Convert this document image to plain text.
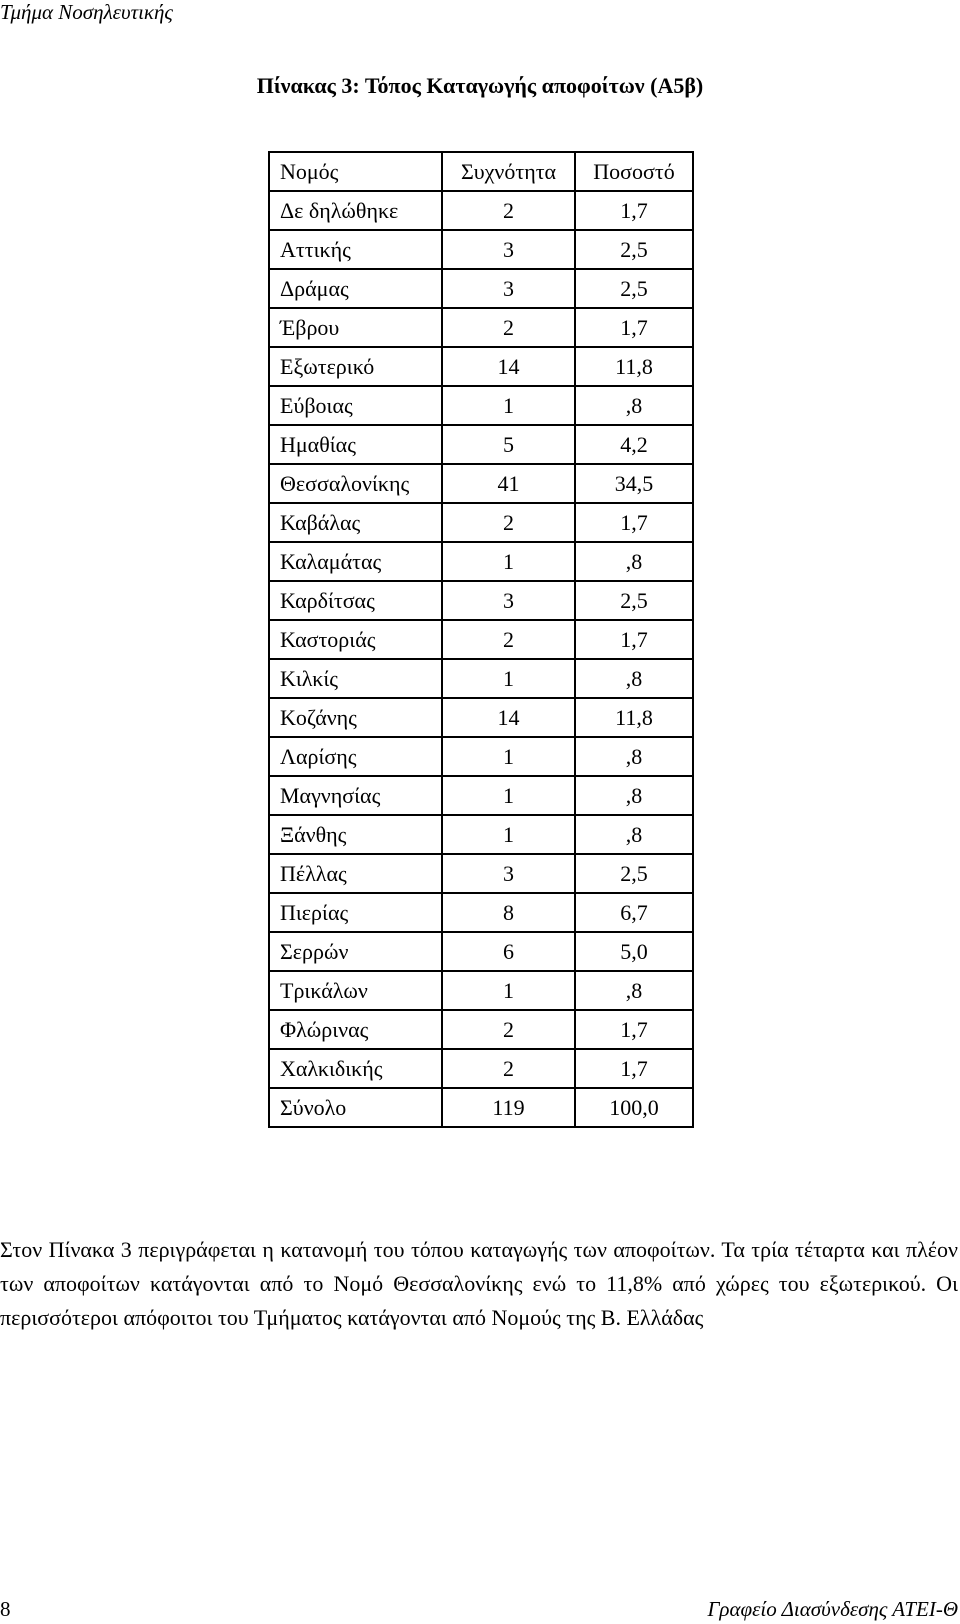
Τμήμα Νοσηλευτικής
Πίνακας 3: Τόπος Καταγωγής αποφοίτων (Α5β)
Νομός	Συχνότητα	Ποσοστό
Δε δηλώθηκε	2	1,7
Αττικής	3	2,5
Δράμας	3	2,5
Έβρου	2	1,7
Εξωτερικό	14	11,8
Εύβοιας	1	,8
Ημαθίας	5	4,2
Θεσσαλονίκης	41	34,5
Καβάλας	2	1,7
Καλαμάτας	1	,8
Καρδίτσας	3	2,5
Καστοριάς	2	1,7
Κιλκίς	1	,8
Κοζάνης	14	11,8
Λαρίσης	1	,8
Μαγνησίας	1	,8
Ξάνθης	1	,8
Πέλλας	3	2,5
Πιερίας	8	6,7
Σερρών	6	5,0
Τρικάλων	1	,8
Φλώρινας	2	1,7
Χαλκιδικής	2	1,7
Σύνολο	119	100,0

Στον Πίνακα 3 περιγράφεται η κατανομή του τόπου καταγωγής των αποφοίτων. Τα τρία τέταρτα και πλέον των αποφοίτων κατάγονται από το Νομό Θεσσαλονίκης ενώ το 11,8% από χώρες του εξωτερικού. Οι περισσότεροι απόφοιτοι του Τμήματος κατάγονται από Νομούς της Β. Ελλάδας

8	Γραφείο Διασύνδεσης ΑΤΕΙ-Θ
